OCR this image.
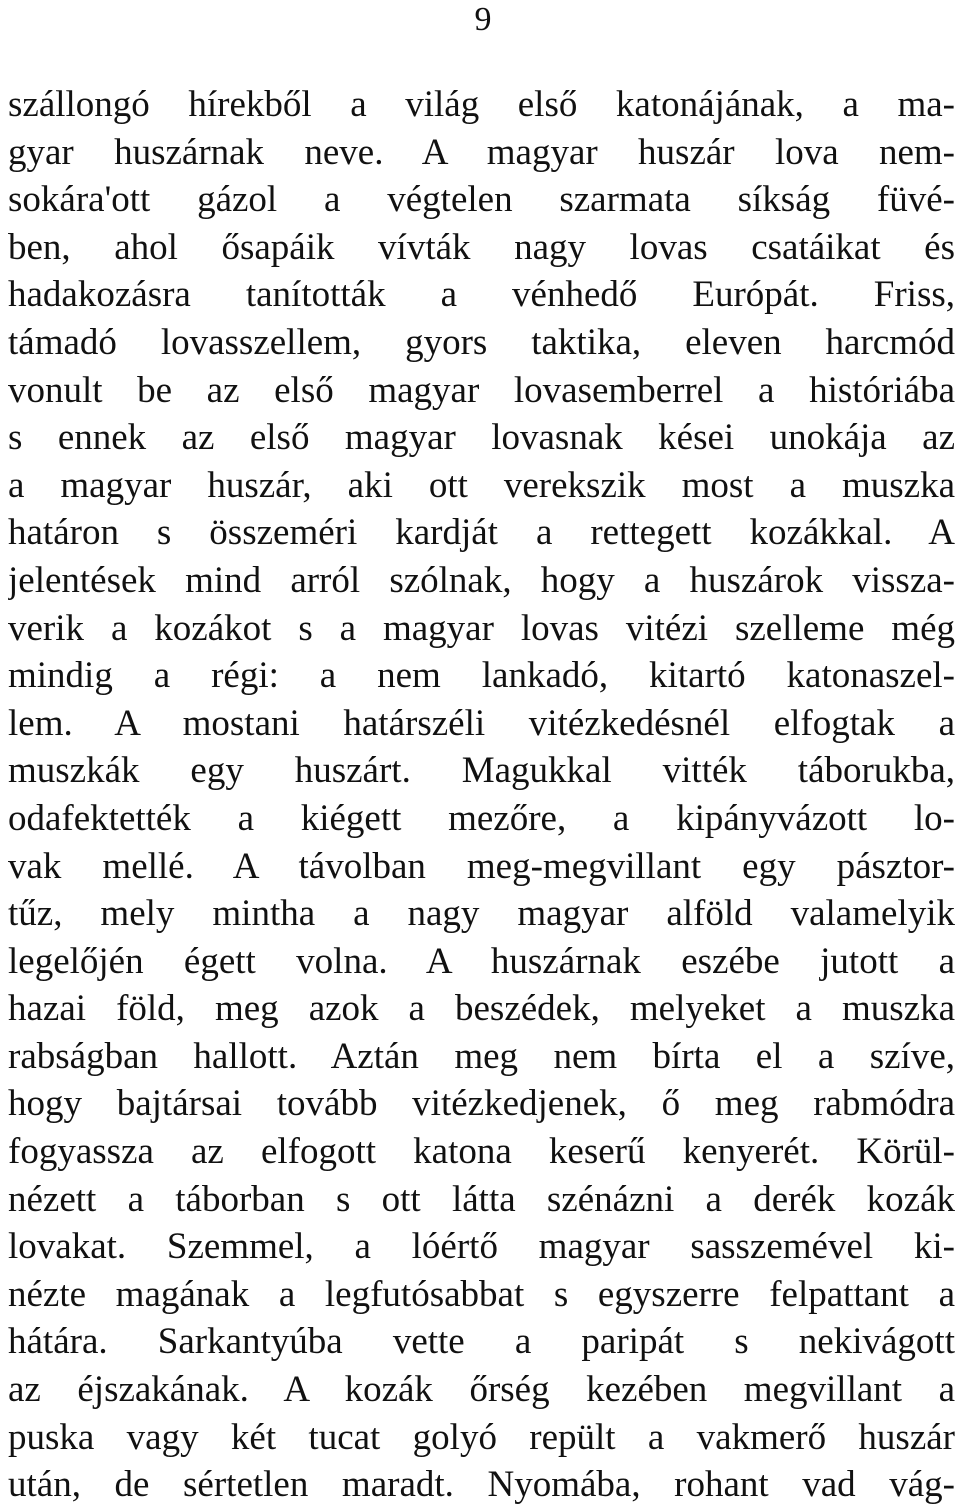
9
szállongó hírekből a világ első katonájának, a ma-
gyar huszárnak neve. A magyar huszár lova nem-
sokára'ott gázol a végtelen szarmata síkság füvé-
ben, ahol ősapáik vívták nagy lovas csatáikat és
hadakozásra tanították a vénhedő Európát. Friss,
támadó lovasszellem, gyors taktika, eleven harcmód
vonult be az első magyar lovasemberrel a históriába
s ennek az első magyar lovasnak kései unokája az
a magyar huszár, aki ott verekszik most a muszka
határon s összeméri kardját a rettegett kozákkal. A
jelentések mind arról szólnak, hogy a huszárok vissza-
verik a kozákot s a magyar lovas vitézi szelleme még
mindig a régi: a nem lankadó, kitartó katonaszel-
lem. A mostani határszéli vitézkedésnél elfogtak a
muszkák egy huszárt. Magukkal vitték táborukba,
odafektették a kiégett mezőre, a kipányvázott lo-
vak mellé. A távolban meg-megvillant egy pásztor-
tűz, mely mintha a nagy magyar alföld valamelyik
legelőjén égett volna. A huszárnak eszébe jutott a
hazai föld, meg azok a beszédek, melyeket a muszka
rabságban hallott. Aztán meg nem bírta el a szíve,
hogy bajtársai tovább vitézkedjenek, ő meg rabmódra
fogyassza az elfogott katona keserű kenyerét. Körül-
nézett a táborban s ott látta szénázni a derék kozák
lovakat. Szemmel, a lóértő magyar sasszemével ki-
nézte magának a legfutósabbat s egyszerre felpattant a
hátára. Sarkantyúba vette a paripát s nekivágott
az éjszakának. A kozák őrség kezében megvillant a
puska vagy két tucat golyó repült a vakmerő huszár
után, de sértetlen maradt. Nyomába, rohant vad vág-
